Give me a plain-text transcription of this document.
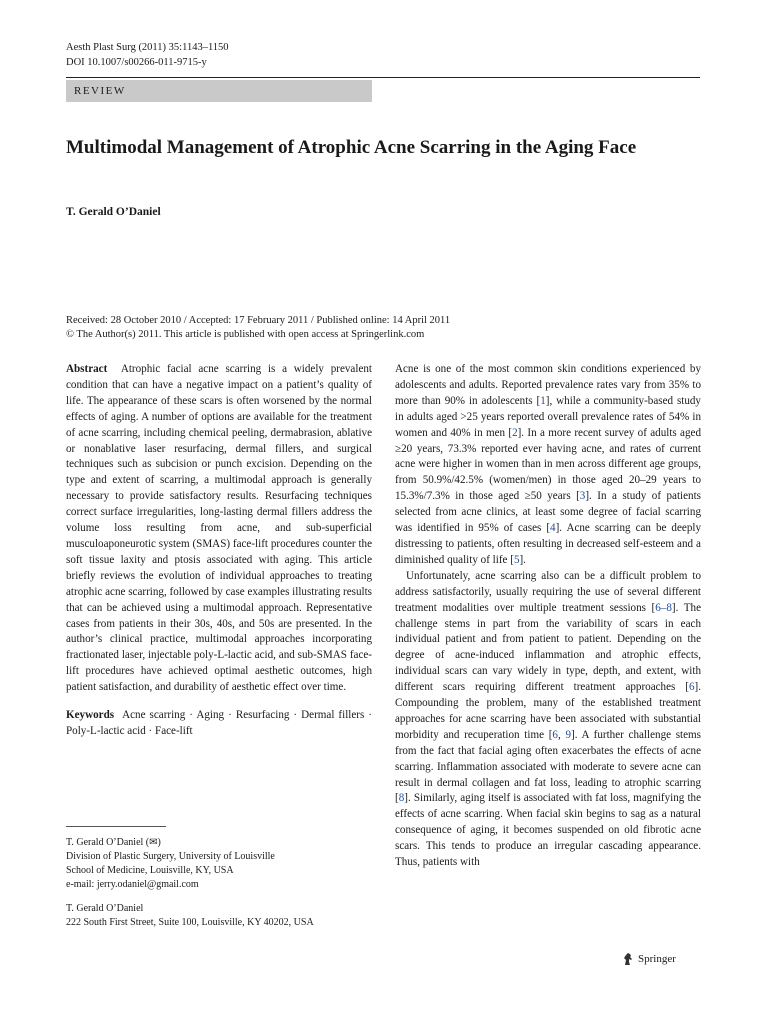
Aesth Plast Surg (2011) 35:1143–1150
DOI 10.1007/s00266-011-9715-y
REVIEW
Multimodal Management of Atrophic Acne Scarring in the Aging Face
T. Gerald O’Daniel
Received: 28 October 2010 / Accepted: 17 February 2011 / Published online: 14 April 2011
© The Author(s) 2011. This article is published with open access at Springerlink.com

Abstract Atrophic facial acne scarring is a widely prevalent condition that can have a negative impact on a patient’s quality of life. The appearance of these scars is often worsened by the normal effects of aging. A number of options are available for the treatment of acne scarring, including chemical peeling, dermabrasion, ablative or nonablative laser resurfacing, dermal fillers, and surgical techniques such as subcision or punch excision. Depending on the type and extent of scarring, a multimodal approach is generally necessary to provide satisfactory results. Resurfacing techniques correct surface irregularities, long-lasting dermal fillers address the volume loss resulting from acne, and sub-superficial musculoaponeurotic system (SMAS) face-lift procedures counter the soft tissue laxity and ptosis associated with aging. This article briefly reviews the evolution of individual approaches to treating atrophic acne scarring, followed by case examples illustrating results that can be achieved using a multimodal approach. Representative cases from patients in their 30s, 40s, and 50s are presented. In the author’s clinical practice, multimodal approaches incorporating fractionated laser, injectable poly-L-lactic acid, and sub-SMAS face-lift procedures have achieved optimal aesthetic outcomes, high patient satisfaction, and durability of aesthetic effect over time.

Keywords Acne scarring · Aging · Resurfacing · Dermal fillers · Poly-L-lactic acid · Face-lift

T. Gerald O’Daniel (✉)
Division of Plastic Surgery, University of Louisville
School of Medicine, Louisville, KY, USA
e-mail: jerry.odaniel@gmail.com
T. Gerald O’Daniel
222 South First Street, Suite 100, Louisville, KY 40202, USA

Acne is one of the most common skin conditions experienced by adolescents and adults. Reported prevalence rates vary from 35% to more than 90% in adolescents [1], while a community-based study in adults aged >25 years reported overall prevalence rates of 54% in women and 40% in men [2]. In a more recent survey of adults aged ≥20 years, 73.3% reported ever having acne, and rates of current acne were higher in women than in men across different age groups, from 50.9%/42.5% (women/men) in those aged 20–29 years to 15.3%/7.3% in those aged ≥50 years [3]. In a study of patients selected from acne clinics, at least some degree of facial scarring was identified in 95% of cases [4]. Acne scarring can be deeply distressing to patients, often resulting in decreased self-esteem and a diminished quality of life [5].

Unfortunately, acne scarring also can be a difficult problem to address satisfactorily, usually requiring the use of several different treatment modalities over multiple treatment sessions [6–8]. The challenge stems in part from the variability of scars in each individual patient and from patient to patient. Depending on the degree of acne-induced inflammation and atrophic effects, individual scars can vary widely in type, depth, and extent, with different scars requiring different treatment approaches [6]. Compounding the problem, many of the established treatment approaches for acne scarring have been associated with substantial morbidity and recuperation time [6, 9]. A further challenge stems from the fact that facial aging often exacerbates the effects of acne scarring. Inflammation associated with moderate to severe acne can result in dermal collagen and fat loss, leading to atrophic scarring [8]. Similarly, aging itself is associated with fat loss, magnifying the effects of acne scarring. When facial skin begins to sag as a natural consequence of aging, it becomes suspended on old fibrotic acne scars. This tends to produce an irregular cascading appearance. Thus, patients with

Springer
